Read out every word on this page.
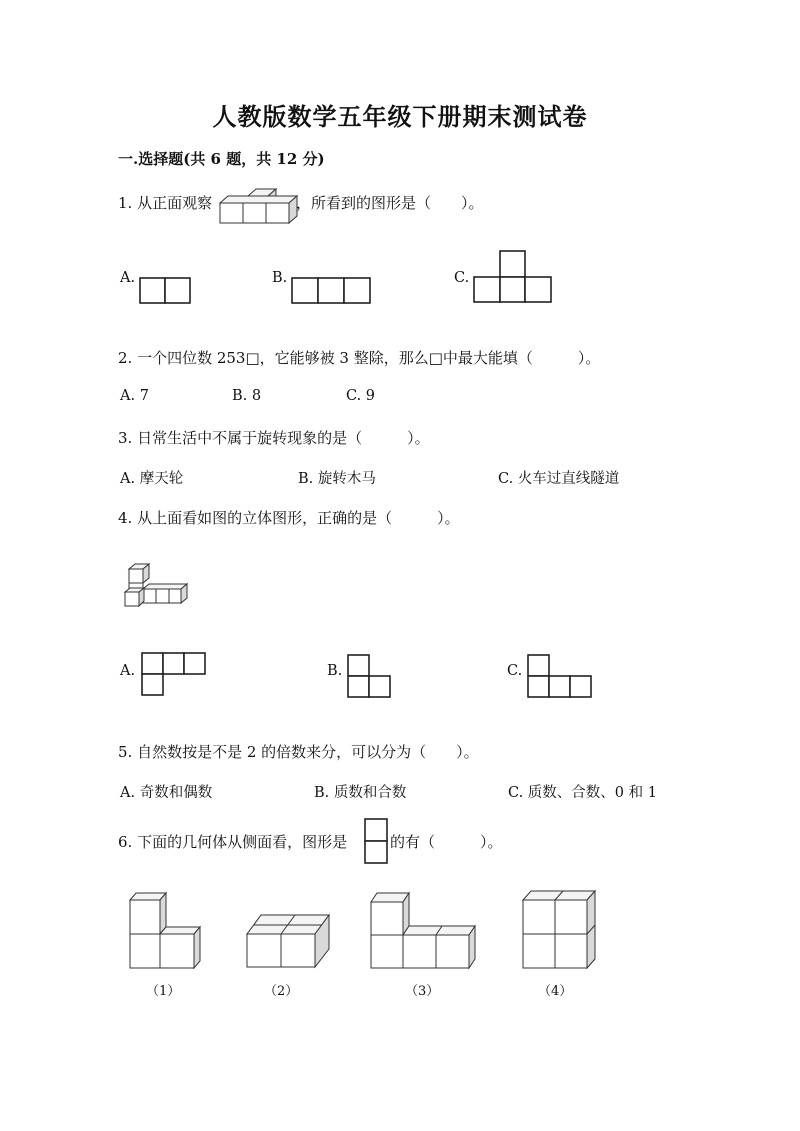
人教版数学五年级下册期末测试卷
一.选择题(共 6 题，共 12 分)
1. 从正面观察	，所看到的图形是（　　）。
A.	B.	C.
2. 一个四位数 253□，它能够被 3 整除，那么□中最大能填（　　　）。
A. 7	B. 8	C. 9
3. 日常生活中不属于旋转现象的是（　　　）。
A. 摩天轮	B. 旋转木马	C. 火车过直线隧道
4. 从上面看如图的立体图形，正确的是（　　　）。
A.	B.	C.
5. 自然数按是不是 2 的倍数来分，可以分为（　　）。
A. 奇数和偶数	B. 质数和合数	C. 质数、合数、0 和 1
6. 下面的几何体从侧面看，图形是	的有（　　　）。
（1）	（2）	（3）	（4）
